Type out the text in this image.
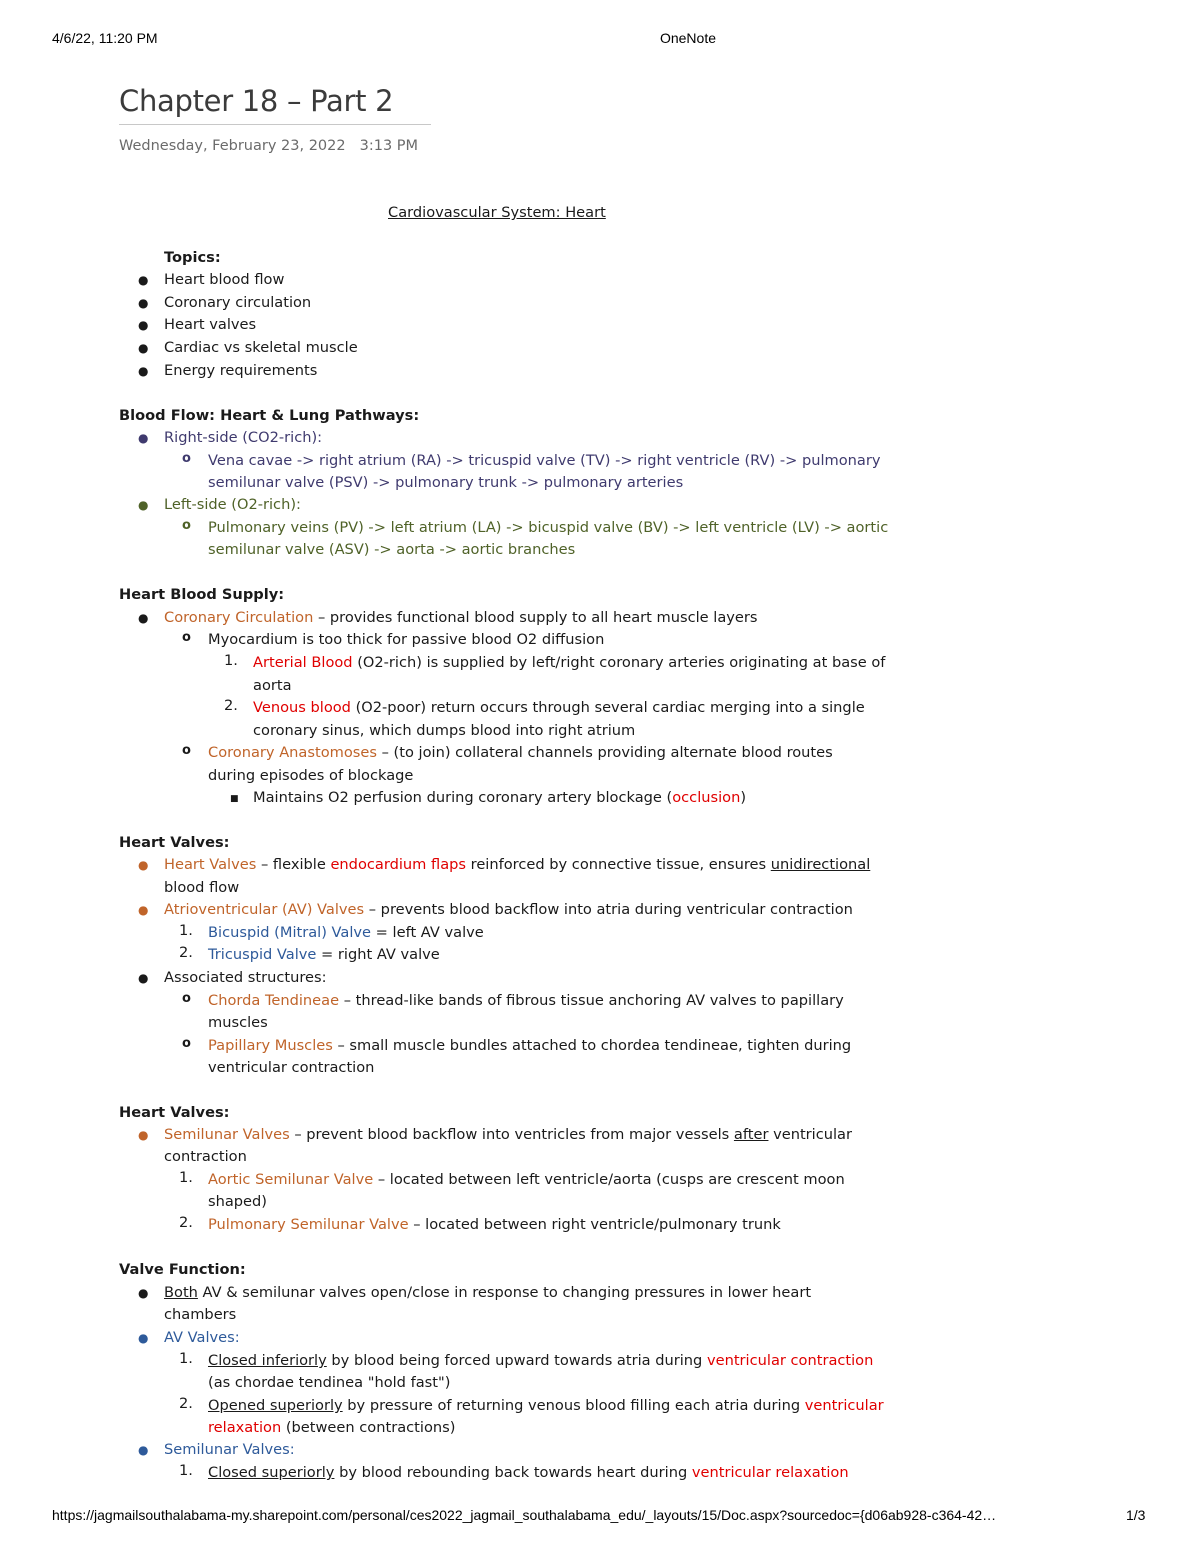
4/6/22, 11:20 PM	OneNote
Chapter 18 – Part 2
Wednesday, February 23, 2022 3:13 PM
Cardiovascular System: Heart
Topics:
● Heart blood flow
● Coronary circulation
● Heart valves
● Cardiac vs skeletal muscle
● Energy requirements
Blood Flow: Heart & Lung Pathways:
● Right-side (CO2-rich):
o Vena cavae -> right atrium (RA) -> tricuspid valve (TV) -> right ventricle (RV) -> pulmonary
semilunar valve (PSV) -> pulmonary trunk -> pulmonary arteries
● Left-side (O2-rich):
o Pulmonary veins (PV) -> left atrium (LA) -> bicuspid valve (BV) -> left ventricle (LV) -> aortic
semilunar valve (ASV) -> aorta -> aortic branches
Heart Blood Supply:
● Coronary Circulation – provides functional blood supply to all heart muscle layers
o Myocardium is too thick for passive blood O2 diffusion
1. Arterial Blood (O2-rich) is supplied by left/right coronary arteries originating at base of
aorta
2. Venous blood (O2-poor) return occurs through several cardiac merging into a single
coronary sinus, which dumps blood into right atrium
o Coronary Anastomoses – (to join) collateral channels providing alternate blood routes
during episodes of blockage
■ Maintains O2 perfusion during coronary artery blockage (occlusion)
Heart Valves:
● Heart Valves – flexible endocardium flaps reinforced by connective tissue, ensures unidirectional
blood flow
● Atrioventricular (AV) Valves – prevents blood backflow into atria during ventricular contraction
1. Bicuspid (Mitral) Valve = left AV valve
2. Tricuspid Valve = right AV valve
● Associated structures:
o Chorda Tendineae – thread-like bands of fibrous tissue anchoring AV valves to papillary
muscles
o Papillary Muscles – small muscle bundles attached to chordea tendineae, tighten during
ventricular contraction
Heart Valves:
● Semilunar Valves – prevent blood backflow into ventricles from major vessels after ventricular
contraction
1. Aortic Semilunar Valve – located between left ventricle/aorta (cusps are crescent moon
shaped)
2. Pulmonary Semilunar Valve – located between right ventricle/pulmonary trunk
Valve Function:
● Both AV & semilunar valves open/close in response to changing pressures in lower heart
chambers
● AV Valves:
1. Closed inferiorly by blood being forced upward towards atria during ventricular contraction
(as chordae tendinea "hold fast")
2. Opened superiorly by pressure of returning venous blood filling each atria during ventricular
relaxation (between contractions)
● Semilunar Valves:
1. Closed superiorly by blood rebounding back towards heart during ventricular relaxation
https://jagmailsouthalabama-my.sharepoint.com/personal/ces2022_jagmail_southalabama_edu/_layouts/15/Doc.aspx?sourcedoc={d06ab928-c364-42…	1/3
